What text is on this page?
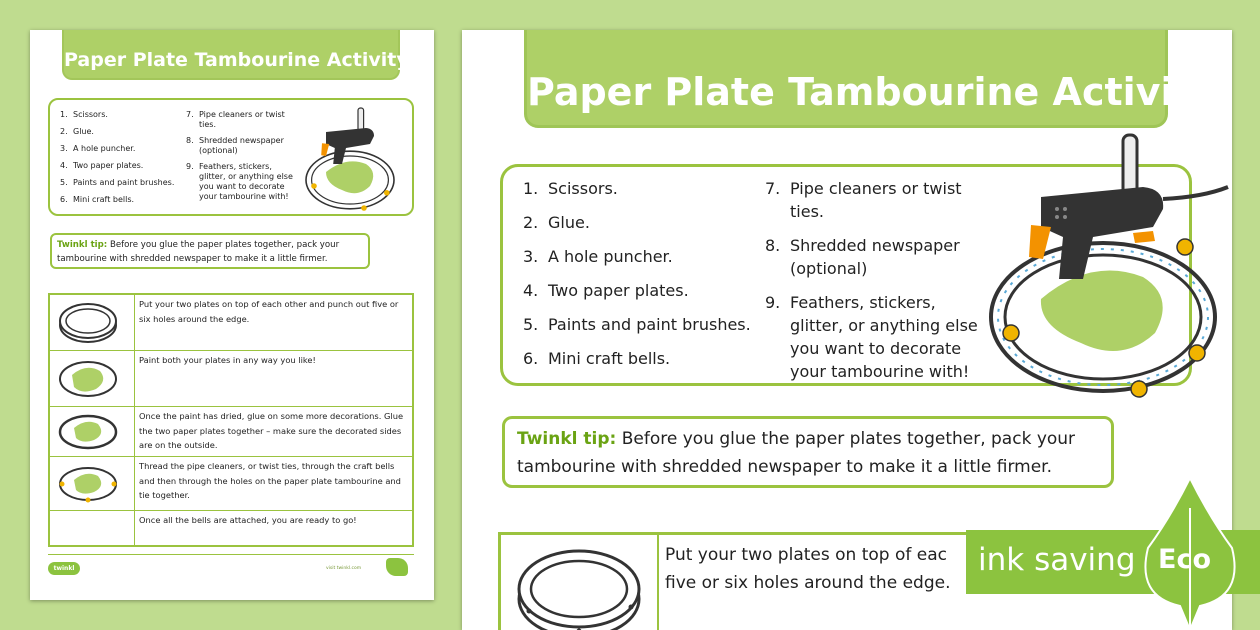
Paper Plate Tambourine Activity
1. Scissors.
2. Glue.
3. A hole puncher.
4. Two paper plates.
5. Paints and paint brushes.
6. Mini craft bells.
7. Pipe cleaners or twist ties.
8. Shredded newspaper (optional)
9. Feathers, stickers, glitter, or anything else you want to decorate your tambourine with!
Twinkl tip: Before you glue the paper plates together, pack your tambourine with shredded newspaper to make it a little firmer.
Put your two plates on top of each other and punch out five or six holes around the edge.
Paint both your plates in any way you like!
Once the paint has dried, glue on some more decorations. Glue the two paper plates together – make sure the decorated sides are on the outside.
Thread the pipe cleaners, or twist ties, through the craft bells and then through the holes on the paper plate tambourine and tie together.
Once all the bells are attached, you are ready to go!
twinkl	visit twinkl.com
Paper Plate Tambourine Activity
1. Scissors.
2. Glue.
3. A hole puncher.
4. Two paper plates.
5. Paints and paint brushes.
6. Mini craft bells.
7. Pipe cleaners or twist ties.
8. Shredded newspaper (optional)
9. Feathers, stickers, glitter, or anything else you want to decorate your tambourine with!
Twinkl tip: Before you glue the paper plates together, pack your tambourine with shredded newspaper to make it a little firmer.
Put your two plates on top of eac
five or six holes around the edge.
ink saving Eco
